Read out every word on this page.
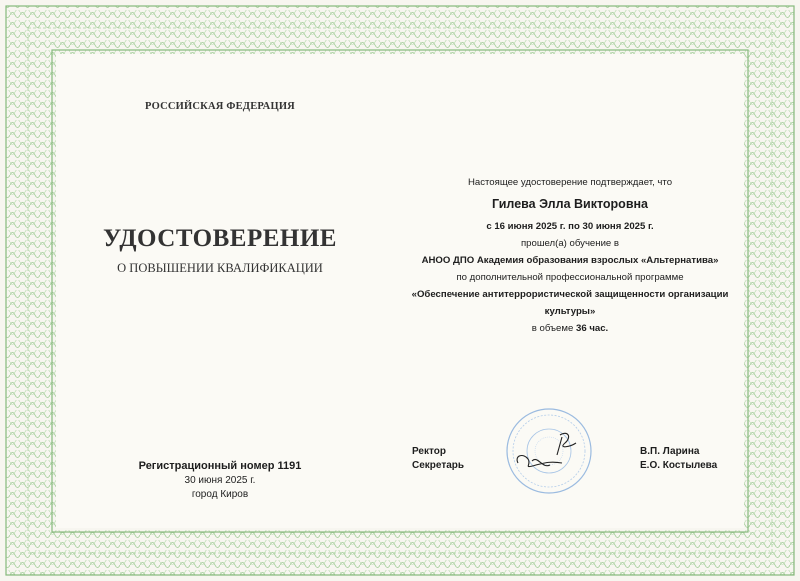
РОССИЙСКАЯ ФЕДЕРАЦИЯ
УДОСТОВЕРЕНИЕ
О ПОВЫШЕНИИ КВАЛИФИКАЦИИ
Регистрационный номер 1191
30 июня 2025 г.
город Киров
Настоящее удостоверение подтверждает, что
Гилева Элла Викторовна
с 16 июня 2025 г. по 30 июня 2025 г.
прошел(а) обучение в
АНОО ДПО Академия образования взрослых «Альтернатива»
по дополнительной профессиональной программе
«Обеспечение антитеррористической защищенности организации
культуры»
в объеме 36 час.
Ректор	В.П. Ларина
Секретарь	Е.О. Костылева
